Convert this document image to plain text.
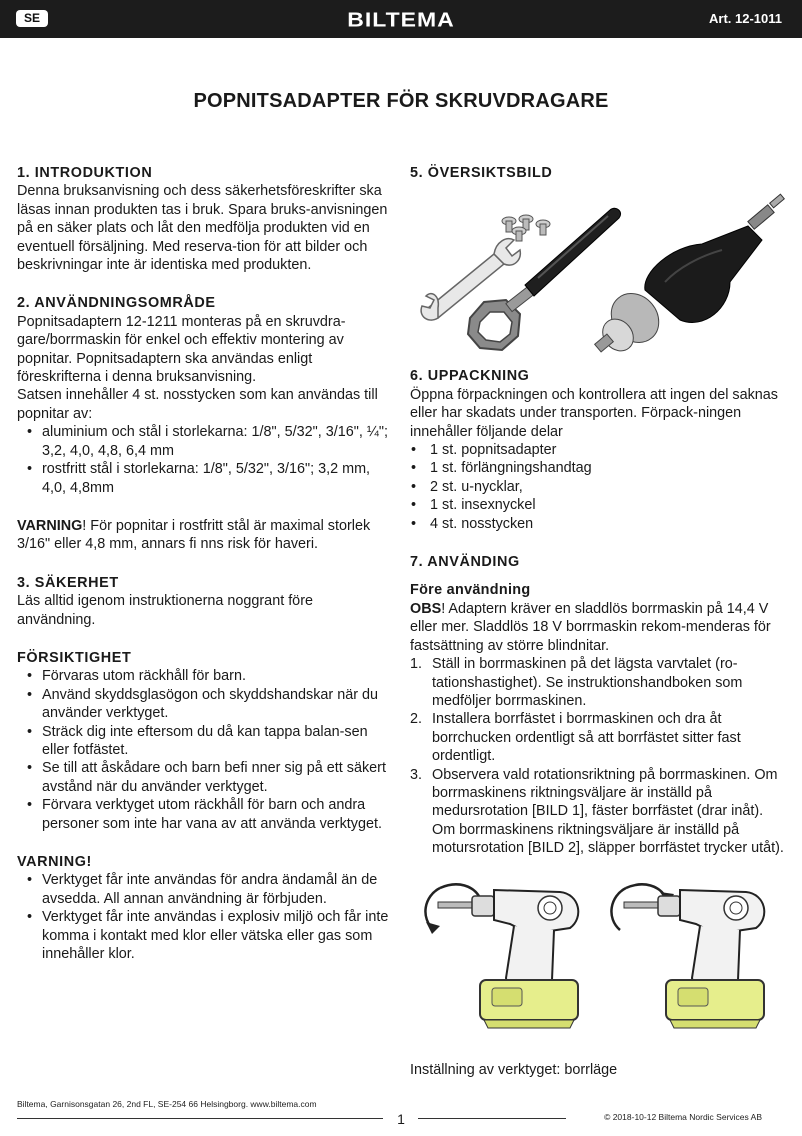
SE	BILTEMA	Art. 12-1011
POPNITSADAPTER FÖR SKRUVDRAGARE
1. INTRODUKTION

Denna bruksanvisning och dess säkerhetsföreskrifter ska läsas innan produkten tas i bruk. Spara bruks-anvisningen på en säker plats och låt den medfölja produkten vid en eventuell försäljning. Med reserva-tion för att bilder och beskrivningar inte är identiska med produkten.

2. ANVÄNDNINGSOMRÅDE

Popnitsadaptern 12-1211 monteras på en skruvdra-gare/borrmaskin för enkel och effektiv montering av popnitar. Popnitsadaptern ska användas enligt föreskrifterna i denna bruksanvisning.

Satsen innehåller 4 st. nosstycken som kan användas till popnitar av:

• aluminium och stål i storlekarna: 1/8", 5/32", 3/16", ¼"; 3,2, 4,0, 4,8, 6,4 mm
• rostfritt stål i storlekarna: 1/8", 5/32", 3/16"; 3,2 mm, 4,0, 4,8mm

VARNING! För popnitar i rostfritt stål är maximal storlek 3/16" eller 4,8 mm, annars fi nns risk för haveri.

3. SÄKERHET

Läs alltid igenom instruktionerna noggrant före användning.

FÖRSIKTIGHET
• Förvaras utom räckhåll för barn.
• Använd skyddsglasögon och skyddshandskar när du använder verktyget.
• Sträck dig inte eftersom du då kan tappa balan-sen eller fotfästet.
• Se till att åskådare och barn befi nner sig på ett säkert avstånd när du använder verktyget.
• Förvara verktyget utom räckhåll för barn och andra personer som inte har vana av att använda verktyget.
VARNING!
• Verktyget får inte användas för andra ändamål än de avsedda. All annan användning är förbjuden.
• Verktyget får inte användas i explosiv miljö och får inte komma i kontakt med klor eller vätska eller gas som innehåller klor.
5. ÖVERSIKTSBILD
6. UPPACKNING

Öppna förpackningen och kontrollera att ingen del saknas eller har skadats under transporten. Förpack-ningen innehåller följande delar

• 1 st. popnitsadapter
• 1 st. förlängningshandtag
• 2 st. u-nycklar,
• 1 st. insexnyckel
• 4 st. nosstycken
7. ANVÄNDING
Före användning

OBS! Adaptern kräver en sladdlös borrmaskin på 14,4 V eller mer. Sladdlös 18 V borrmaskin rekom-menderas för fastsättning av större blindnitar.

1. Ställ in borrmaskinen på det lägsta varvtalet (ro-tationshastighet). Se instruktionshandboken som medföljer borrmaskinen.
2. Installera borrfästet i borrmaskinen och dra åt borrchucken ordentligt så att borrfästet sitter fast ordentligt.
3. Observera vald rotationsriktning på borrmaskinen. Om borrmaskinens riktningsväljare är inställd på medursrotation [BILD 1], fäster borrfästet (drar inåt). Om borrmaskinens riktningsväljare är inställd på motursrotation [BILD 2], släpper borrfästet trycker utåt).
Inställning av verktyget: borrläge
Biltema, Garnisonsgatan 26, 2nd FL, SE-254 66 Helsingborg. www.biltema.com
1	© 2018-10-12 Biltema Nordic Services AB
